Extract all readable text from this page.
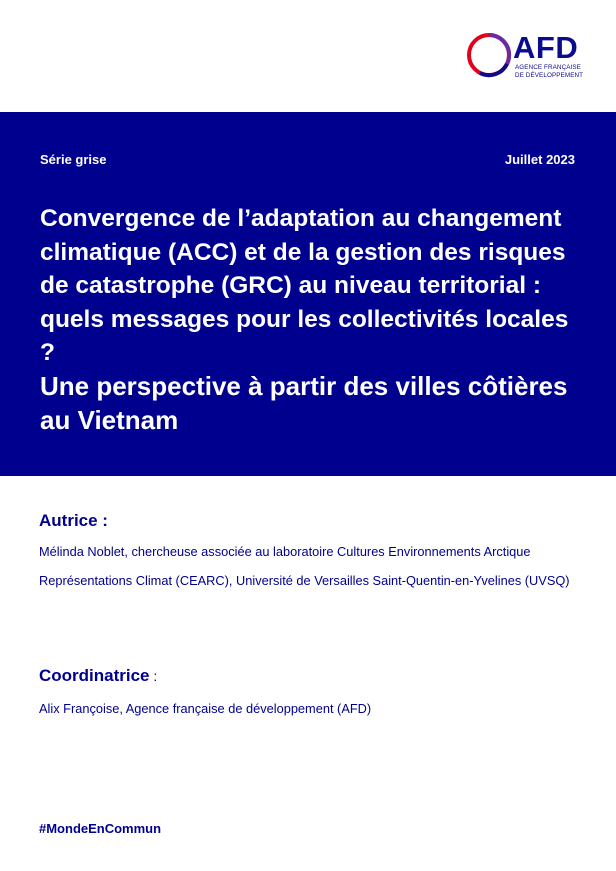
AFD
AGENCE FRANÇAISE
DE DÉVELOPPEMENT
Série grise	Juillet 2023
Convergence de l’adaptation au changement climatique (ACC) et de la gestion des risques de catastrophe (GRC) au niveau territorial : quels messages pour les collectivités locales ?
Une perspective à partir des villes côtières au Vietnam
Autrice :
Mélinda Noblet, chercheuse associée au laboratoire Cultures Environnements Arctique Représentations Climat (CEARC), Université de Versailles Saint-Quentin-en-Yvelines (UVSQ)
Coordinatrice :
Alix Françoise, Agence française de développement (AFD)
#MondeEnCommun
